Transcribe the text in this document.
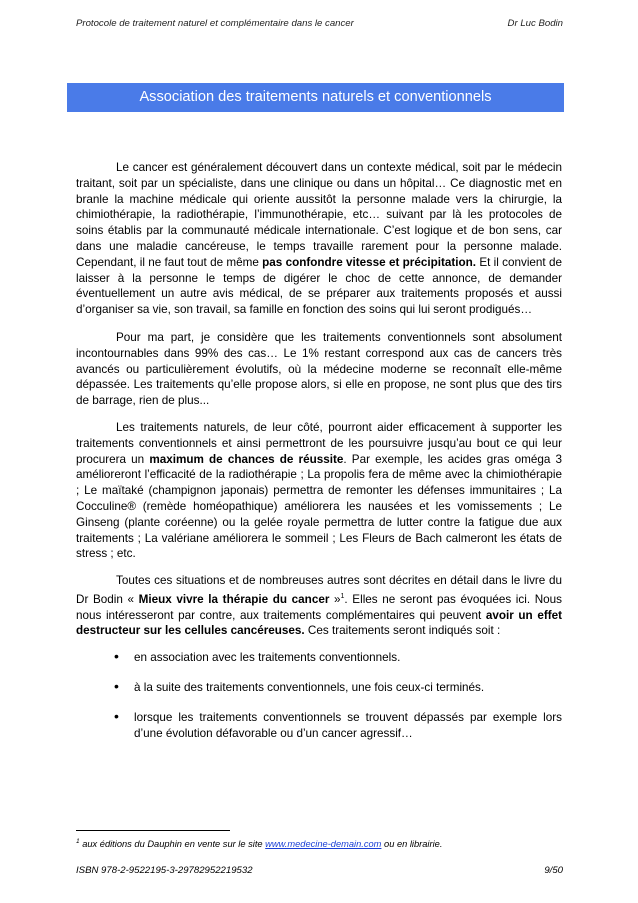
Protocole de traitement naturel et complémentaire dans le cancer	Dr Luc Bodin
Association des traitements naturels et conventionnels

Le cancer est généralement découvert dans un contexte médical, soit par le médecin traitant, soit par un spécialiste, dans une clinique ou dans un hôpital… Ce diagnostic met en branle la machine médicale qui oriente aussitôt la personne malade vers la chirurgie, la chimiothérapie, la radiothérapie, l’immunothérapie, etc… suivant par là les protocoles de soins établis par la communauté médicale internationale. C’est logique et de bon sens, car dans une maladie cancéreuse, le temps travaille rarement pour la personne malade. Cependant, il ne faut tout de même pas confondre vitesse et précipitation. Et il convient de laisser à la personne le temps de digérer le choc de cette annonce, de demander éventuellement un autre avis médical, de se préparer aux traitements proposés et aussi d’organiser sa vie, son travail, sa famille en fonction des soins qui lui seront prodigués…

Pour ma part, je considère que les traitements conventionnels sont absolument incontournables dans 99% des cas… Le 1% restant correspond aux cas de cancers très avancés ou particulièrement évolutifs, où la médecine moderne se reconnaît elle-même dépassée. Les traitements qu’elle propose alors, si elle en propose, ne sont plus que des tirs de barrage, rien de plus...

Les traitements naturels, de leur côté, pourront aider efficacement à supporter les traitements conventionnels et ainsi permettront de les poursuivre jusqu’au bout ce qui leur procurera un maximum de chances de réussite. Par exemple, les acides gras oméga 3 amélioreront l’efficacité de la radiothérapie ; La propolis fera de même avec la chimiothérapie ; Le maïtaké (champignon japonais) permettra de remonter les défenses immunitaires ; La Cocculine® (remède homéopathique) améliorera les nausées et les vomissements ; Le Ginseng (plante coréenne) ou la gelée royale permettra de lutter contre la fatigue due aux traitements ; La valériane améliorera le sommeil ; Les Fleurs de Bach calmeront les états de stress ; etc.

Toutes ces situations et de nombreuses autres sont décrites en détail dans le livre du Dr Bodin « Mieux vivre la thérapie du cancer »$^1$. Elles ne seront pas évoquées ici. Nous nous intéresseront par contre, aux traitements complémentaires qui peuvent avoir un effet destructeur sur les cellules cancéreuses. Ces traitements seront indiqués soit :

• en association avec les traitements conventionnels.
• à la suite des traitements conventionnels, une fois ceux-ci terminés.
• lorsque les traitements conventionnels se trouvent dépassés par exemple lors d’une évolution défavorable ou d’un cancer agressif…
$^1$ aux éditions du Dauphin en vente sur le site www.medecine-demain.com ou en librairie.
ISBN 978-2-9522195-3-29782952219532	9/50
